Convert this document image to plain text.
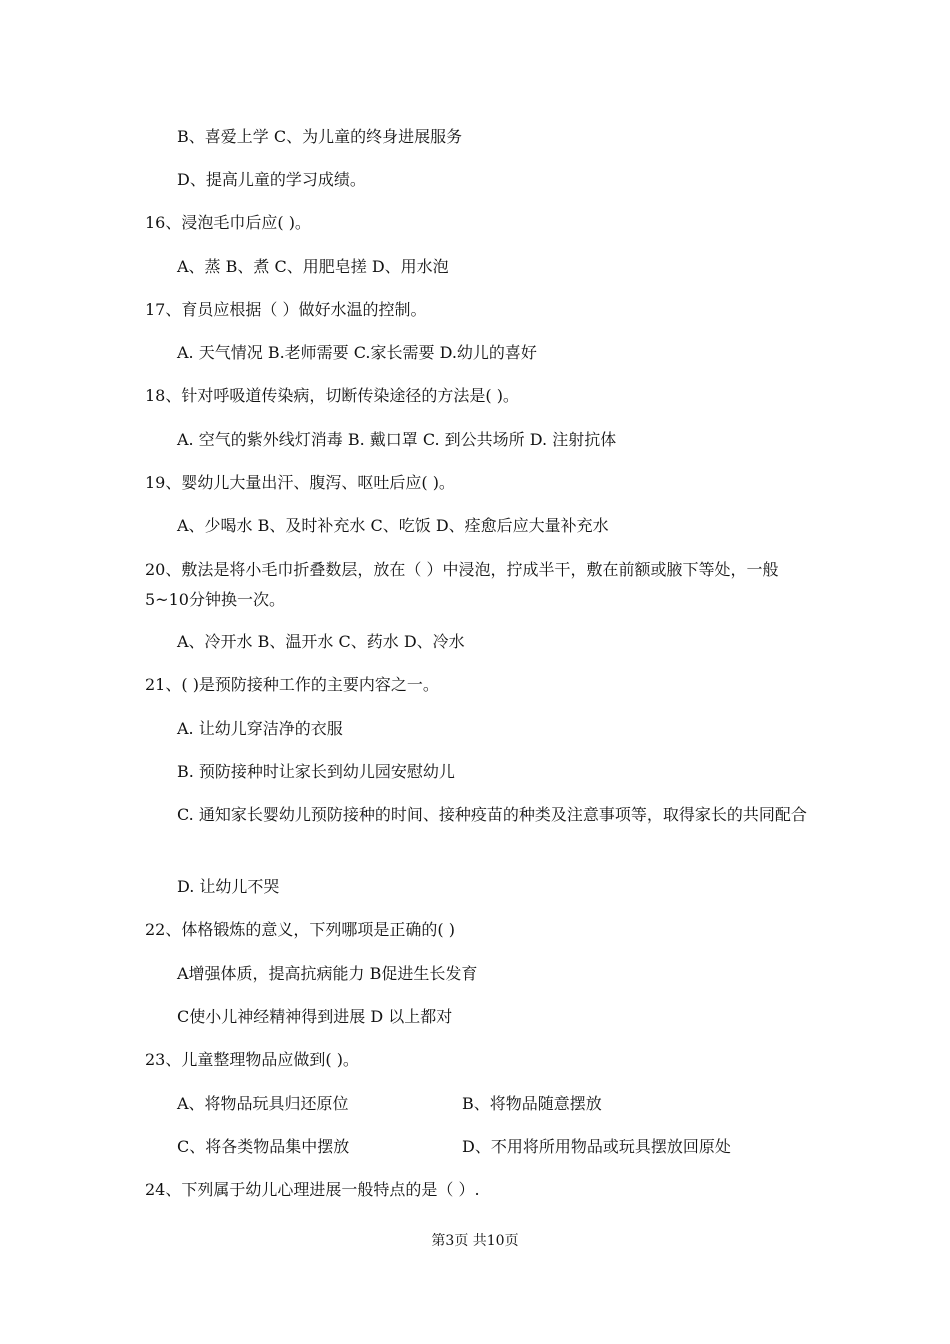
B、喜爱上学 C、为儿童的终身进展服务
D、提高儿童的学习成绩。
16、浸泡毛巾后应( )。
A、蒸 B、煮 C、用肥皂搓 D、用水泡
17、育员应根据（ ）做好水温的控制。
A. 天气情况 B.老师需要 C.家长需要 D.幼儿的喜好
18、针对呼吸道传染病，切断传染途径的方法是( )。
A. 空气的紫外线灯消毒 B. 戴口罩 C. 到公共场所 D. 注射抗体
19、婴幼儿大量出汗、腹泻、呕吐后应( )。
A、少喝水 B、及时补充水 C、吃饭 D、痊愈后应大量补充水
20、敷法是将小毛巾折叠数层，放在（ ）中浸泡，拧成半干，敷在前额或腋下等处，一般5~10分钟换一次。
A、冷开水 B、温开水 C、药水 D、冷水
21、( )是预防接种工作的主要内容之一。
A. 让幼儿穿洁净的衣服
B. 预防接种时让家长到幼儿园安慰幼儿
C. 通知家长婴幼儿预防接种的时间、接种疫苗的种类及注意事项等，取得家长的共同配合
D. 让幼儿不哭
22、体格锻炼的意义，下列哪项是正确的( )
A增强体质，提高抗病能力 B促进生长发育
C使小儿神经精神得到进展 D 以上都对
23、儿童整理物品应做到( )。
A、将物品玩具归还原位	B、将物品随意摆放
C、将各类物品集中摆放	D、不用将所用物品或玩具摆放回原处
24、下列属于幼儿心理进展一般特点的是（ ）.
第3页 共10页
